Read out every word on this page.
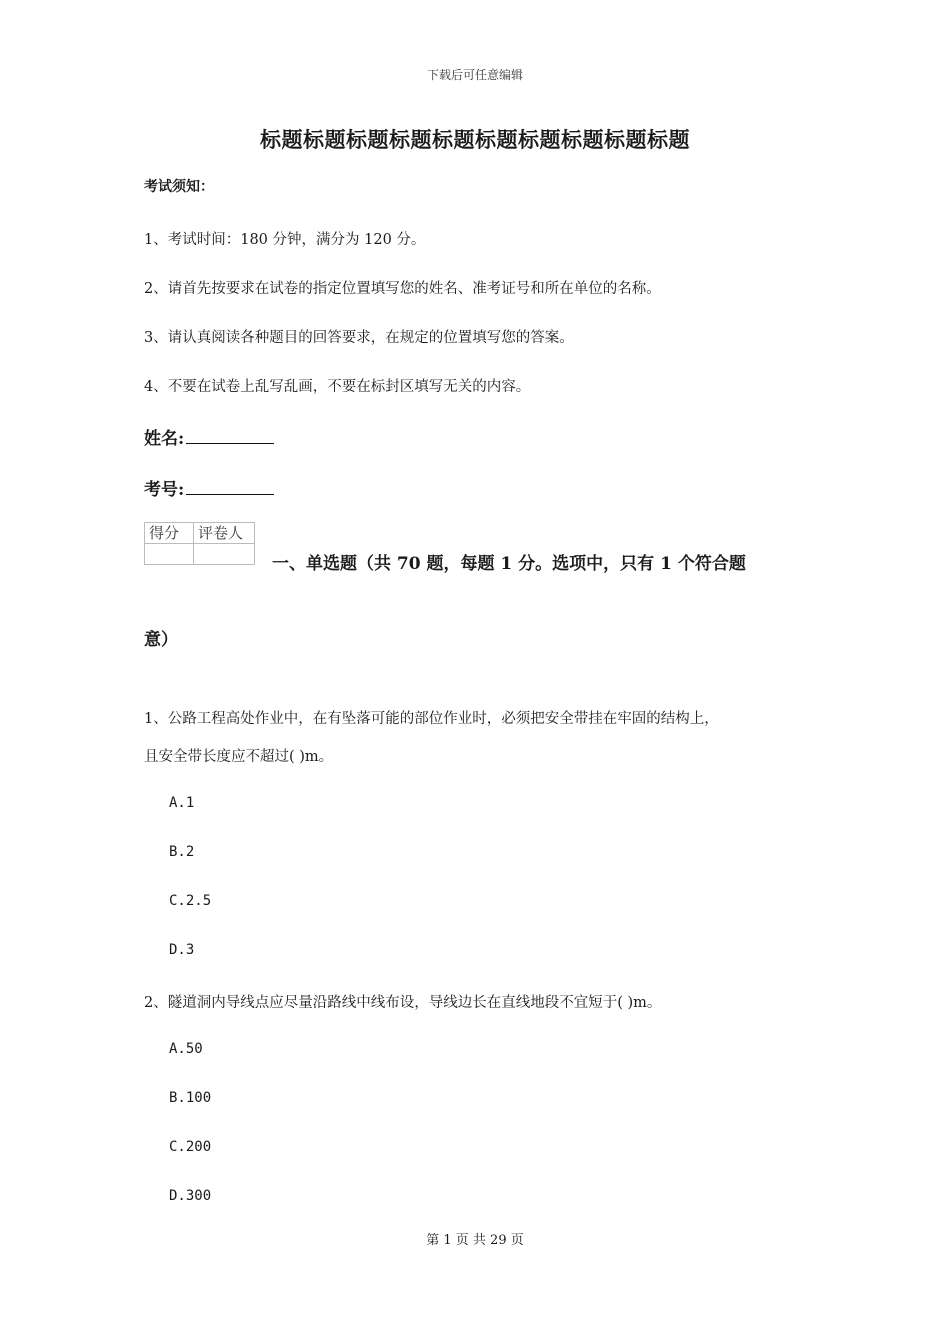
下载后可任意编辑
标题标题标题标题标题标题标题标题标题标题
考试须知：
1、考试时间：180 分钟，满分为 120 分。
2、请首先按要求在试卷的指定位置填写您的姓名、准考证号和所在单位的名称。
3、请认真阅读各种题目的回答要求，在规定的位置填写您的答案。
4、不要在试卷上乱写乱画，不要在标封区填写无关的内容。
姓名:
考号:
得分	评卷人

一、单选题（共 70 题，每题 1 分。选项中，只有 1 个符合题
意）
1、公路工程高处作业中，在有坠落可能的部位作业时，必须把安全带挂在牢固的结构上，
且安全带长度应不超过( )m。
A.1
B.2
C.2.5
D.3
2、隧道洞内导线点应尽量沿路线中线布设，导线边长在直线地段不宜短于( )m。
A.50
B.100
C.200
D.300
第 1 页 共 29 页
